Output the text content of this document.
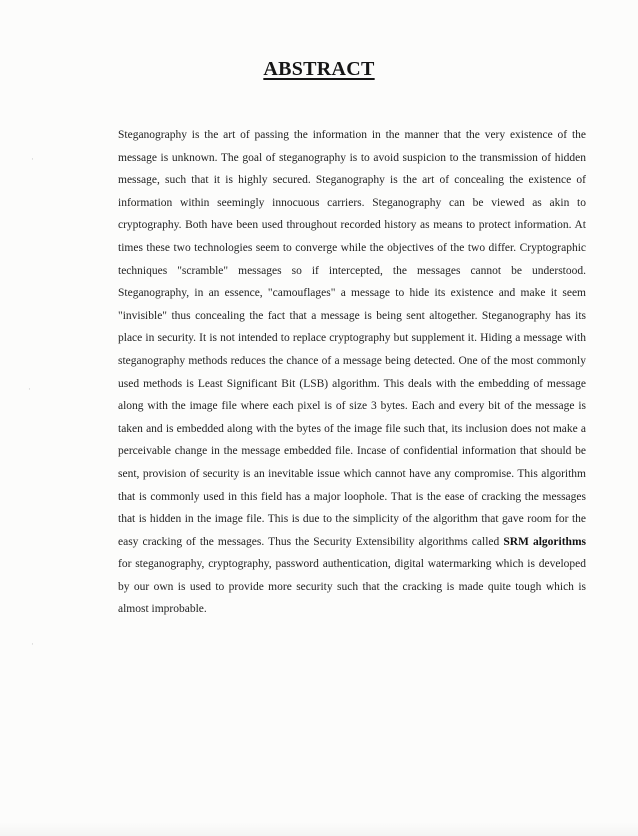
ABSTRACT

Steganography is the art of passing the information in the manner that the very existence of the message is unknown. The goal of steganography is to avoid suspicion to the transmission of hidden message, such that it is highly secured. Steganography is the art of concealing the existence of information within seemingly innocuous carriers. Steganography can be viewed as akin to cryptography. Both have been used throughout recorded history as means to protect information. At times these two technologies seem to converge while the objectives of the two differ. Cryptographic techniques "scramble" messages so if intercepted, the messages cannot be understood. Steganography, in an essence, "camouflages" a message to hide its existence and make it seem "invisible" thus concealing the fact that a message is being sent altogether. Steganography has its place in security. It is not intended to replace cryptography but supplement it. Hiding a message with steganography methods reduces the chance of a message being detected. One of the most commonly used methods is Least Significant Bit (LSB) algorithm. This deals with the embedding of message along with the image file where each pixel is of size 3 bytes. Each and every bit of the message is taken and is embedded along with the bytes of the image file such that, its inclusion does not make a perceivable change in the message embedded file. Incase of confidential information that should be sent, provision of security is an inevitable issue which cannot have any compromise. This algorithm that is commonly used in this field has a major loophole. That is the ease of cracking the messages that is hidden in the image file. This is due to the simplicity of the algorithm that gave room for the easy cracking of the messages. Thus the Security Extensibility algorithms called SRM algorithms for steganography, cryptography, password authentication, digital watermarking which is developed by our own is used to provide more security such that the cracking is made quite tough which is almost improbable.

·
·
·
